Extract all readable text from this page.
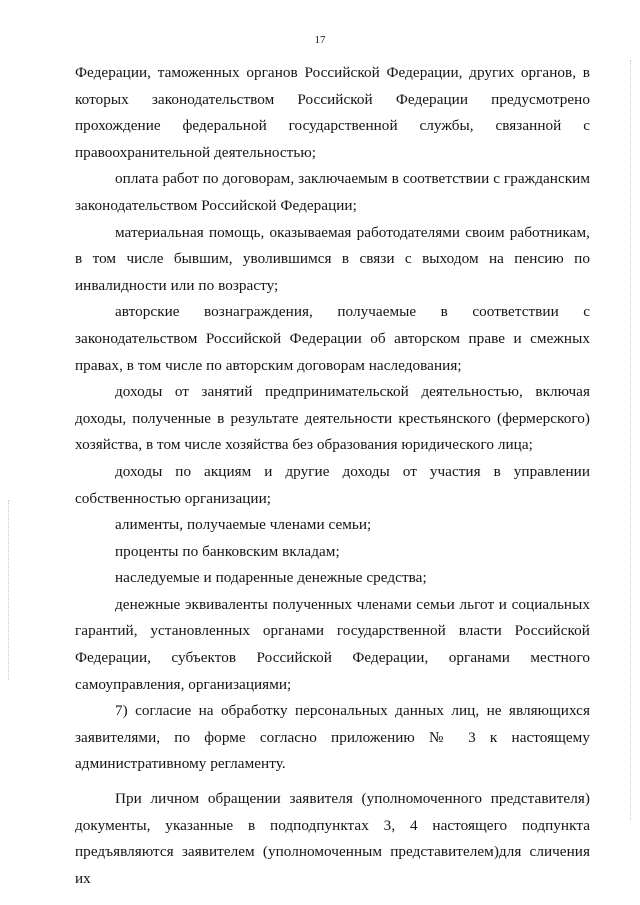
17

Федерации, таможенных органов Российской Федерации, других органов, в которых законодательством Российской Федерации предусмотрено прохождение федеральной государственной службы, связанной с правоохранительной деятельностью;

оплата работ по договорам, заключаемым в соответствии с гражданским законодательством Российской Федерации;

материальная помощь, оказываемая работодателями своим работникам, в том числе бывшим, уволившимся в связи с выходом на пенсию по инвалидности или по возрасту;

авторские вознаграждения, получаемые в соответствии с законодательством Российской Федерации об авторском праве и смежных правах, в том числе по авторским договорам наследования;

доходы от занятий предпринимательской деятельностью, включая доходы, полученные в результате деятельности крестьянского (фермерского) хозяйства, в том числе хозяйства без образования юридического лица;

доходы по акциям и другие доходы от участия в управлении собственностью организации;

алименты, получаемые членами семьи;

проценты по банковским вкладам;

наследуемые и подаренные денежные средства;

денежные эквиваленты полученных членами семьи льгот и социальных гарантий, установленных органами государственной власти Российской Федерации, субъектов Российской Федерации, органами местного самоуправления, организациями;

7) согласие на обработку персональных данных лиц, не являющихся заявителями, по форме согласно приложению № 3 к настоящему административному регламенту.

При личном обращении заявителя (уполномоченного представителя) документы, указанные в подподпунктах 3, 4 настоящего подпункта предъявляются заявителем (уполномоченным представителем)для сличения их
